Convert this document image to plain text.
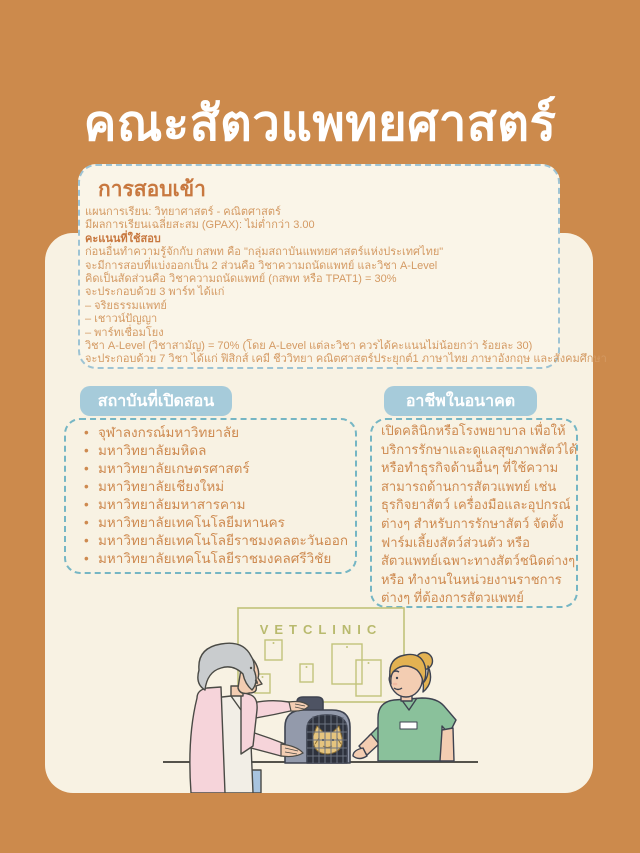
คณะสัตวแพทยศาสตร์
การสอบเข้า

แผนการเรียน: วิทยาศาสตร์ - คณิตศาสตร์

มีผลการเรียนเฉลี่ยสะสม (GPAX): ไม่ต่ำกว่า 3.00

คะแนนที่ใช้สอบ

ก่อนอื่นทำความรู้จักกับ กสพท คือ "กลุ่มสถาบันแพทยศาสตร์แห่งประเทศไทย"

จะมีการสอบที่แบ่งออกเป็น 2 ส่วนคือ วิชาความถนัดแพทย์ และวิชา A-Level

คิดเป็นสัดส่วนคือ วิชาความถนัดแพทย์ (กสพท หรือ TPAT1) = 30%

จะประกอบด้วย 3 พาร์ท ได้แก่

– จริยธรรมแพทย์

– เชาวน์ปัญญา

– พาร์ทเชื่อมโยง

วิชา A-Level (วิชาสามัญ) = 70% (โดย A-Level แต่ละวิชา ควรได้คะแนนไม่น้อยกว่า ร้อยละ 30)

จะประกอบด้วย 7 วิชา ได้แก่ ฟิสิกส์ เคมี ชีววิทยา คณิตศาสตร์ประยุกต์1 ภาษาไทย ภาษาอังกฤษ และสังคมศึกษา

สถาบันที่เปิดสอน	อาชีพในอนาคต
• จุฬาลงกรณ์มหาวิทยาลัย
• มหาวิทยาลัยมหิดล
• มหาวิทยาลัยเกษตรศาสตร์
• มหาวิทยาลัยเชียงใหม่
• มหาวิทยาลัยมหาสารคาม
• มหาวิทยาลัยเทคโนโลยีมหานคร
• มหาวิทยาลัยเทคโนโลยีราชมงคลตะวันออก
• มหาวิทยาลัยเทคโนโลยีราชมงคลศรีวิชัย

เปิดคลินิกหรือโรงพยาบาล เพื่อให้

บริการรักษาและดูแลสุขภาพสัตว์ได้

หรือทำธุรกิจด้านอื่นๆ ที่ใช้ความ

สามารถด้านการสัตวแพทย์ เช่น

ธุรกิจยาสัตว์ เครื่องมือและอุปกรณ์

ต่างๆ สำหรับการรักษาสัตว์ จัดตั้ง

ฟาร์มเลี้ยงสัตว์ส่วนตัว หรือ

สัตวแพทย์เฉพาะทางสัตว์ชนิดต่างๆ

หรือ ทำงานในหน่วยงานราชการ

ต่างๆ ที่ต้องการสัตวแพทย์

VETCLINIC
